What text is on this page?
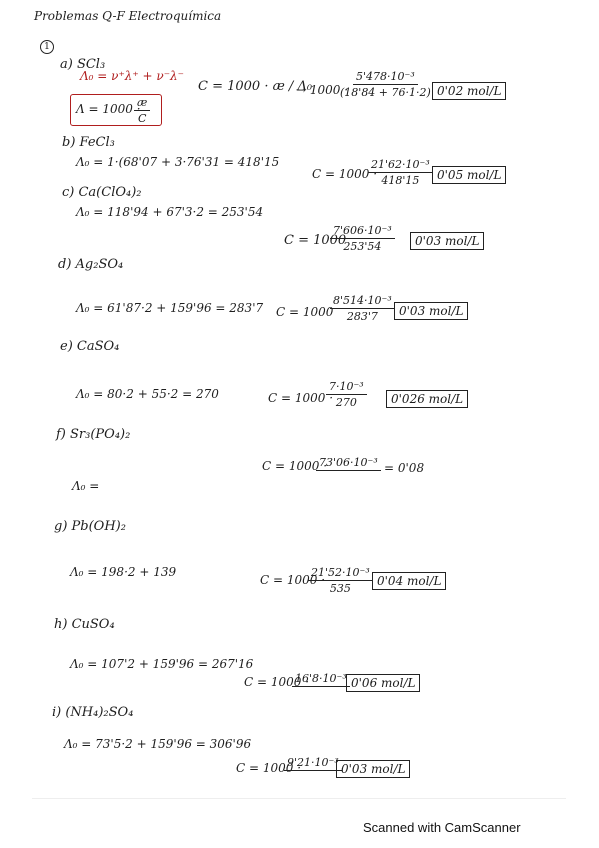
Problemas Q-F Electroquímica
1
a) SCl₃
Λ₀ = ν⁺λ⁺ + ν⁻λ⁻
C = 1000 · æ / Λ₀
→ 1000 ·
$\frac{\text{5'478·10⁻³}}{(18'84 + 76\cdot 1\cdot 2)} 0'02$ mol/L
Λ = 1000 ·
$\frac{æ}{C}$
b) FeCl₃
Λ₀ = 1·(68'07 + 3·76'31 = 418'15
C = 1000 ·
$\frac{\text{21'62·10⁻³}}{418'15} 0'05$ mol/L
c) Ca(ClO₄)₂
Λ₀ = 118'94 + 67'3·2 = 253'54
C = 1000
$\frac{\text{7'606·10⁻³}}{253'54}$	0'03 mol/L
d) Ag₂SO₄
Λ₀ = 61'87·2 + 159'96 = 283'7 C = 1000
$\frac{\text{8'514·10⁻³}}{283'7} 0'03$ mol/L
e) CaSO₄
Λ₀ = 80·2 + 55·2 = 270	C = 1000 ·
$\frac{\text{7·10⁻³}}{270}$	0'026 mol/L
f) Sr₃(PO₄)₂
Λ₀ =
C = 1000 ·
73'06·10⁻³ = 0'08
g) Pb(OH)₂
Λ₀ = 198·2 + 139
C = 1000 ·
$\frac{\text{21'52·10⁻³}}{535} 0'04$ mol/L
h) CuSO₄
Λ₀ = 107'2 + 159'96 = 267'16
C = 1000 ·
16'8·10⁻³ 0'06 mol/L
i) (NH₄)₂SO₄
Λ₀ = 73'5·2 + 159'96 = 306'96
C = 1000 ·
9'21·10⁻³ 0'03 mol/L
Scanned with CamScanner
